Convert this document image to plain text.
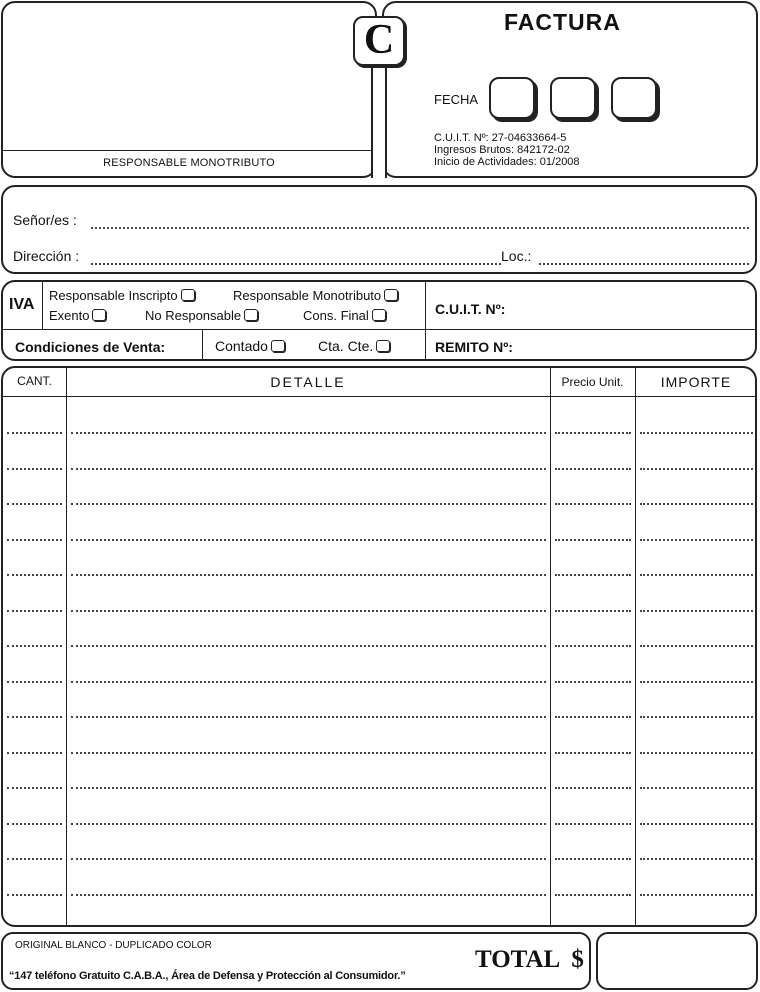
RESPONSABLE MONOTRIBUTO
FACTURA
FECHA
C.U.I.T. Nº: 27-04633664-5
Ingresos Brutos: 842172-02
Inicio de Actividades: 01/2008
C
Señor/es :
Dirección :	Loc.:
IVA
Responsable Inscripto	Responsable Monotributo
Exento	No Responsable	Cons. Final	C.U.I.T. Nº:
Condiciones de Venta:	Contado	Cta. Cte.	REMITO Nº:
CANT.	DETALLE	Precio Unit.	IMPORTE
ORIGINAL BLANCO - DUPLICADO COLOR
“147 teléfono Gratuito C.A.B.A., Área de Defensa y Protección al Consumidor.”
TOTAL  $
